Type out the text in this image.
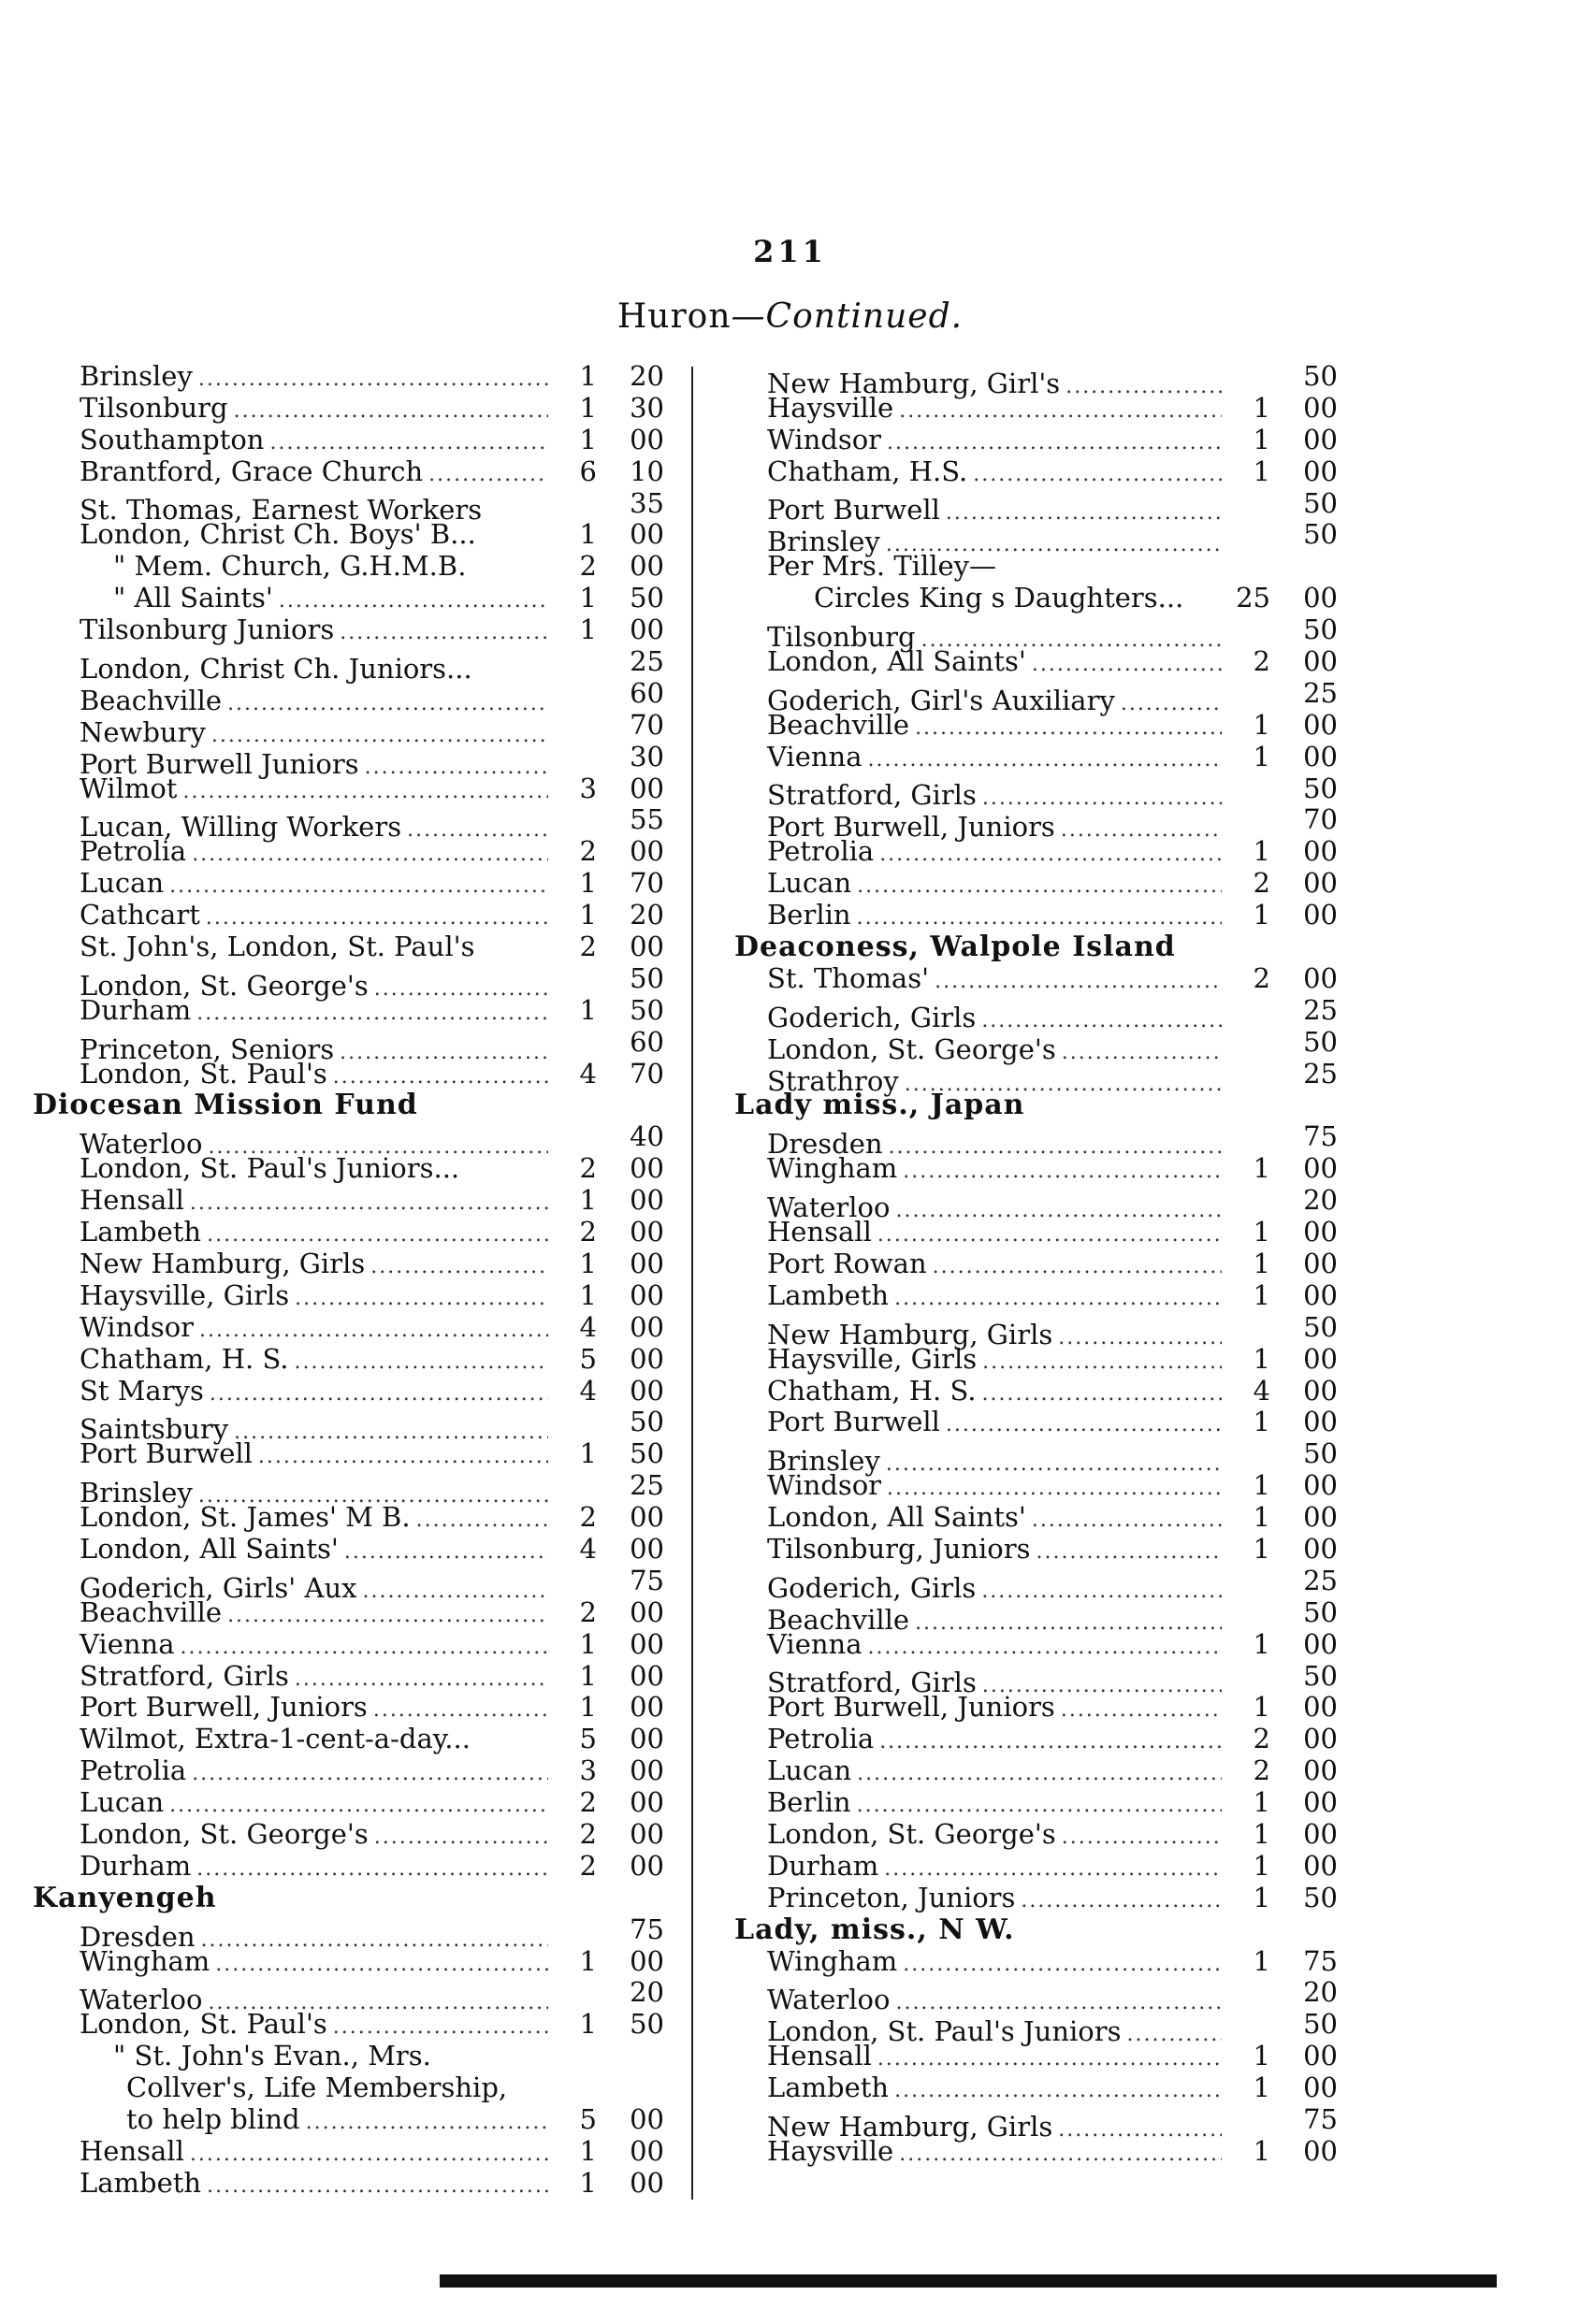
211
Huron—Continued.
Brinsley .....	1	20
Tilsonburg .....	1	30
Southampton .....	1	00
Brantford, Grace Church .....	6	10
St. Thomas, Earnest Workers	35
London, Christ Ch. Boys' B...	1	00
" Mem. Church, G.H.M.B.	2	00
" All Saints' .....	1	50
Tilsonburg Juniors .....	1	00
London, Christ Ch. Juniors...	25
Beachville .....	60
Newbury .....	70
Port Burwell Juniors .....	30
Wilmot .....	3	00
Lucan, Willing Workers .....	55
Petrolia .....	2	00
Lucan .....	1	70
Cathcart .....	1	20
St. John's, London, St. Paul's	2	00
London, St. George's .....	50
Durham .....	1	50
Princeton, Seniors .....	60
London, St. Paul's .....	4	70
Diocesan Mission Fund
Waterloo .....	40
London, St. Paul's Juniors...	2	00
Hensall .....	1	00
Lambeth .....	2	00
New Hamburg, Girls .....	1	00
Haysville, Girls .....	1	00
Windsor .....	4	00
Chatham, H. S. .....	5	00
St Marys .....	4	00
Saintsbury .....	50
Port Burwell .....	1	50
Brinsley .....	25
London, St. James' M B. .....	2	00
London, All Saints' .....	4	00
Goderich, Girls' Aux .....	75
Beachville .....	2	00
Vienna .....	1	00
Stratford, Girls .....	1	00
Port Burwell, Juniors .....	1	00
Wilmot, Extra-1-cent-a-day...	5	00
Petrolia .....	3	00
Lucan .....	2	00
London, St. George's .....	2	00
Durham .....	2	00
Kanyengeh
Dresden .....	75
Wingham .....	1	00
Waterloo .....	20
London, St. Paul's .....	1	50
" St. John's Evan., Mrs.
Collver's, Life Membership,
to help blind .....	5	00
Hensall .....	1	00
Lambeth .....	1	00
New Hamburg, Girl's .....	50
Haysville .....	1	00
Windsor .....	1	00
Chatham, H.S. .....	1	00
Port Burwell .....	50
Brinsley .....	50
Per Mrs. Tilley—
Circles King s Daughters... 25	00
Tilsonburg .....	50
London, All Saints' .....	2	00
Goderich, Girl's Auxiliary .....	25
Beachville .....	1	00
Vienna .....	1	00
Stratford, Girls .....	50
Port Burwell, Juniors .....	70
Petrolia .....	1	00
Lucan .....	2	00
Berlin .....	1	00
Deaconess, Walpole Island
St. Thomas' .....	2	00
Goderich, Girls .....	25
London, St. George's .....	50
Strathroy .....	25
Lady miss., Japan
Dresden .....	75
Wingham .....	1	00
Waterloo .....	20
Hensall .....	1	00
Port Rowan .....	1	00
Lambeth .....	1	00
New Hamburg, Girls .....	50
Haysville, Girls .....	1	00
Chatham, H. S. .....	4	00
Port Burwell .....	1	00
Brinsley .....	50
Windsor .....	1	00
London, All Saints' .....	1	00
Tilsonburg, Juniors .....	1	00
Goderich, Girls .....	25
Beachville .....	50
Vienna .....	1	00
Stratford, Girls .....	50
Port Burwell, Juniors .....	1	00
Petrolia .....	2	00
Lucan .....	2	00
Berlin .....	1	00
London, St. George's .....	1	00
Durham .....	1	00
Princeton, Juniors .....	1	50
Lady, miss., N W.
Wingham .....	1	75
Waterloo .....	20
London, St. Paul's Juniors .....	50
Hensall .....	1	00
Lambeth .....	1	00
New Hamburg, Girls .....	75
Haysville .....	1	00
